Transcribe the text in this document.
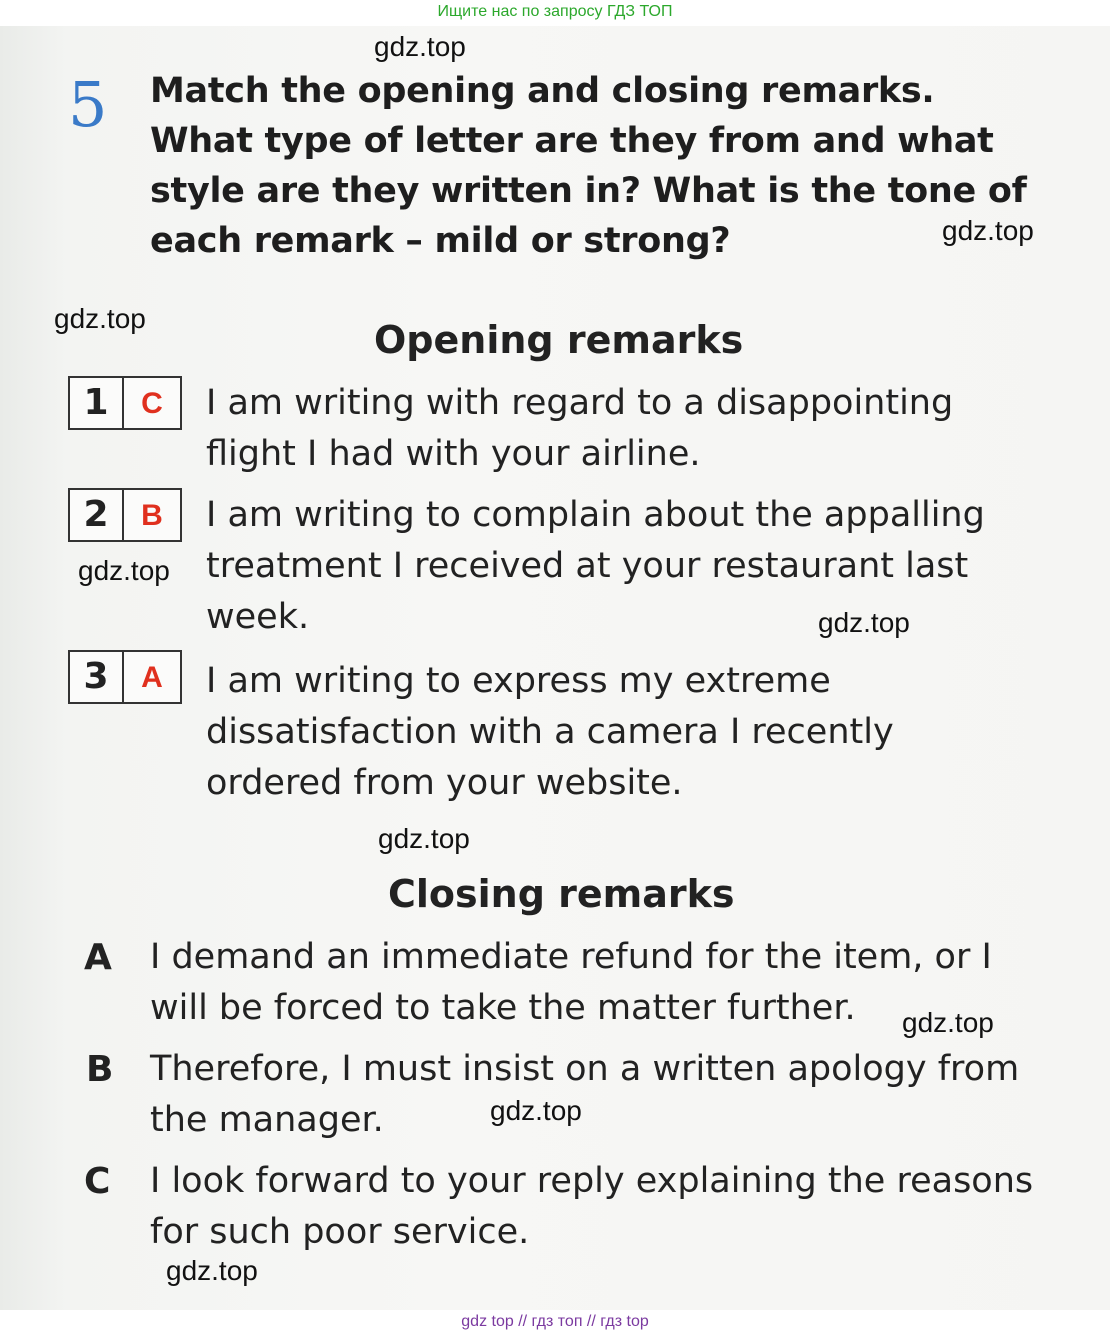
Ищите нас по запросу ГДЗ ТОП
5 Match the opening and closing remarks.
What type of letter are they from and what
style are they written in? What is the tone of
each remark – mild or strong?
Opening remarks
1	C	I am writing with regard to a disappointing
flight I had with your airline.
2	B	I am writing to complain about the appalling
treatment I received at your restaurant last
week.
3	A	I am writing to express my extreme
dissatisfaction with a camera I recently
ordered from your website.
Closing remarks
A I demand an immediate refund for the item, or I
will be forced to take the matter further.
B Therefore, I must insist on a written apology from
the manager.
C I look forward to your reply explaining the reasons
for such poor service.
gdz.top
gdz.top
gdz.top
gdz.top
gdz.top
gdz.top
gdz.top
gdz.top
gdz.top
gdz top // гдз топ // гдз top
